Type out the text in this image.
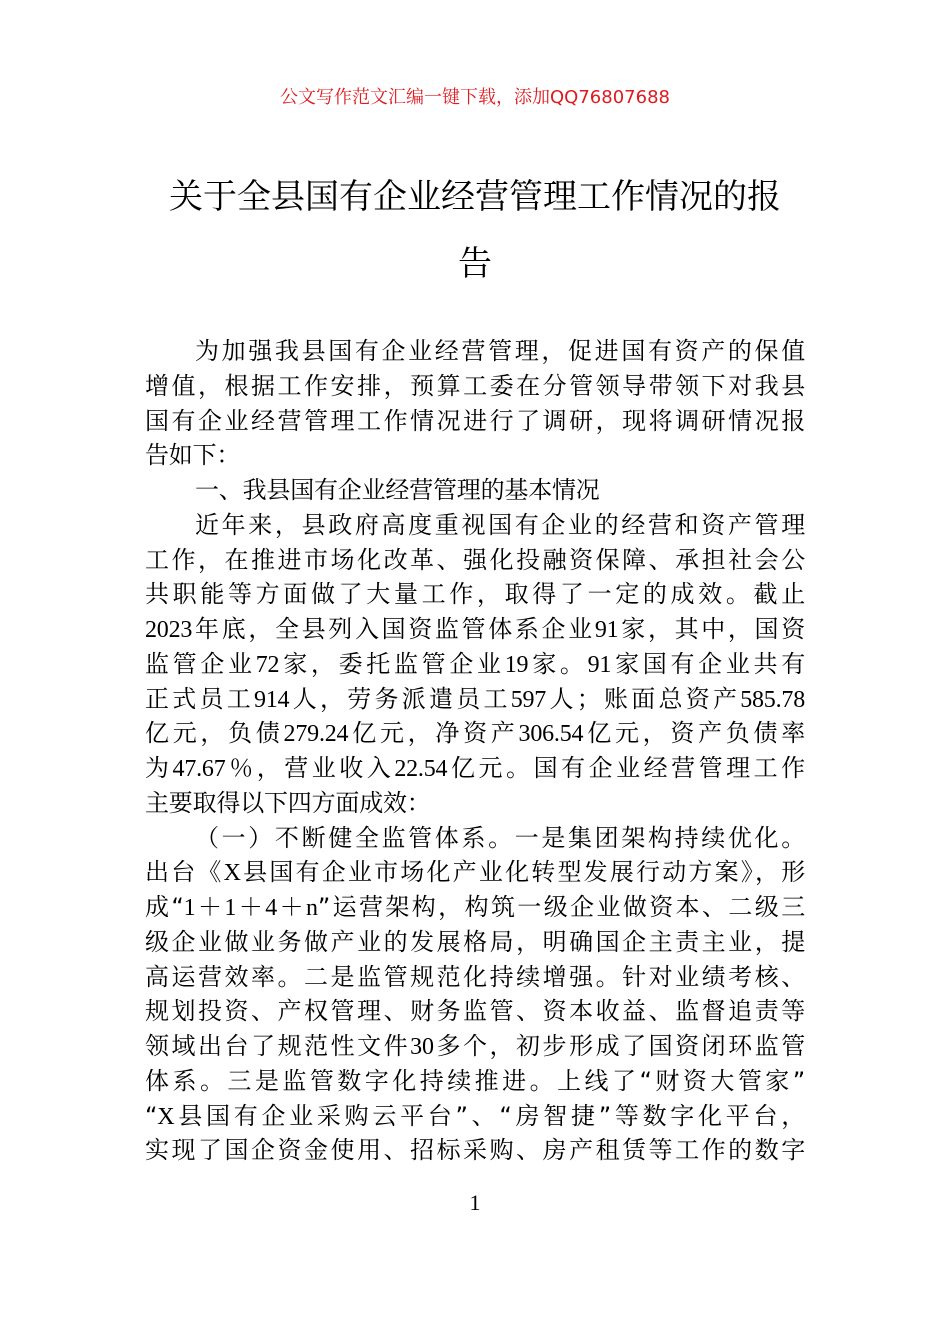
公文写作范文汇编一键下载，添加QQ76807688
关于全县国有企业经营管理工作情况的报
告
为加强我县国有企业经营管理，促进国有资产的保值
增值，根据工作安排，预算工委在分管领导带领下对我县
国有企业经营管理工作情况进行了调研，现将调研情况报
告如下：
一、我县国有企业经营管理的基本情况
近年来，县政府高度重视国有企业的经营和资产管理
工作，在推进市场化改革、强化投融资保障、承担社会公
共职能等方面做了大量工作，取得了一定的成效。截止
2023年底，全县列入国资监管体系企业91家，其中，国资
监管企业72家，委托监管企业19家。91家国有企业共有
正式员工914人，劳务派遣员工597人；账面总资产585.78
亿元，负债279.24亿元，净资产306.54亿元，资产负债率
为47.67％，营业收入22.54亿元。国有企业经营管理工作
主要取得以下四方面成效：
（一）不断健全监管体系。一是集团架构持续优化。
出台《X县国有企业市场化产业化转型发展行动方案》，形
成“1＋1＋4＋n”运营架构，构筑一级企业做资本、二级三
级企业做业务做产业的发展格局，明确国企主责主业，提
高运营效率。二是监管规范化持续增强。针对业绩考核、
规划投资、产权管理、财务监管、资本收益、监督追责等
领域出台了规范性文件30多个，初步形成了国资闭环监管
体系。三是监管数字化持续推进。上线了“财资大管家”
“X县国有企业采购云平台”、“房智捷”等数字化平台，
实现了国企资金使用、招标采购、房产租赁等工作的数字
1
